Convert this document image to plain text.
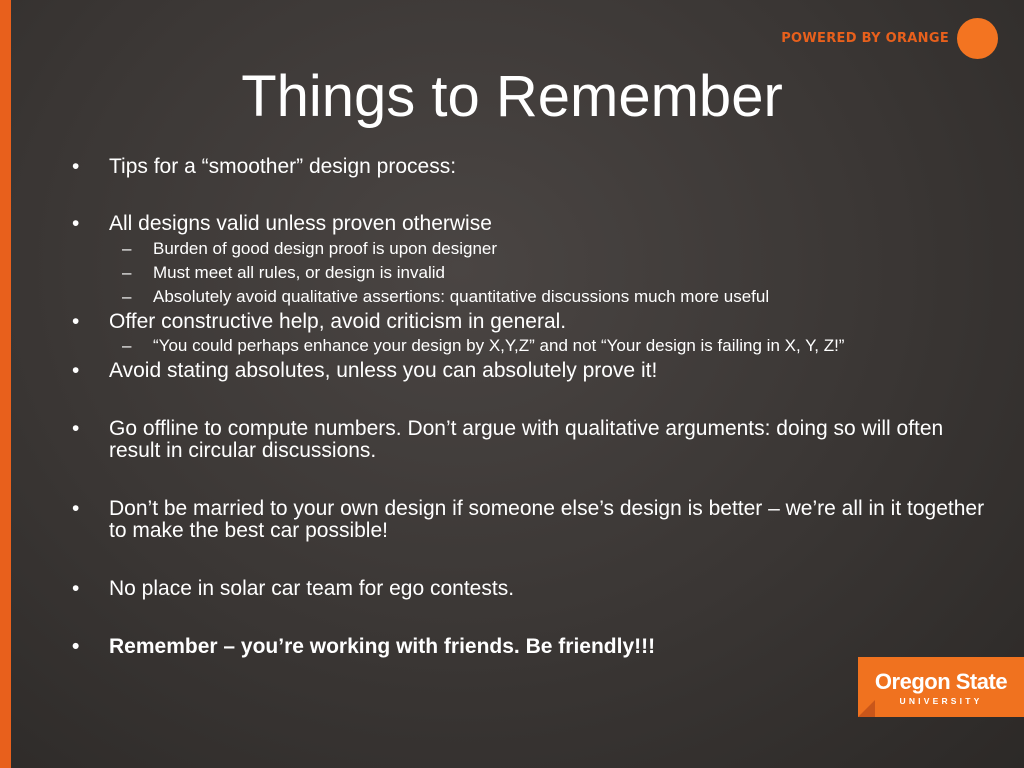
POWERED BY ORANGE
Things to Remember
• Tips for a “smoother” design process:
• All designs valid unless proven otherwise
– Burden of good design proof is upon designer
– Must meet all rules, or design is invalid
– Absolutely avoid qualitative assertions: quantitative discussions much more useful
• Offer constructive help, avoid criticism in general.
– “You could perhaps enhance your design by X,Y,Z” and not “Your design is failing in X, Y, Z!”
• Avoid stating absolutes, unless you can absolutely prove it!
• Go offline to compute numbers. Don’t argue with qualitative arguments: doing so will often result in circular discussions.
• Don’t be married to your own design if someone else’s design is better – we’re all in it together to make the best car possible!
• No place in solar car team for ego contests.
• Remember – you’re working with friends. Be friendly!!!
Oregon State
UNIVERSITY
